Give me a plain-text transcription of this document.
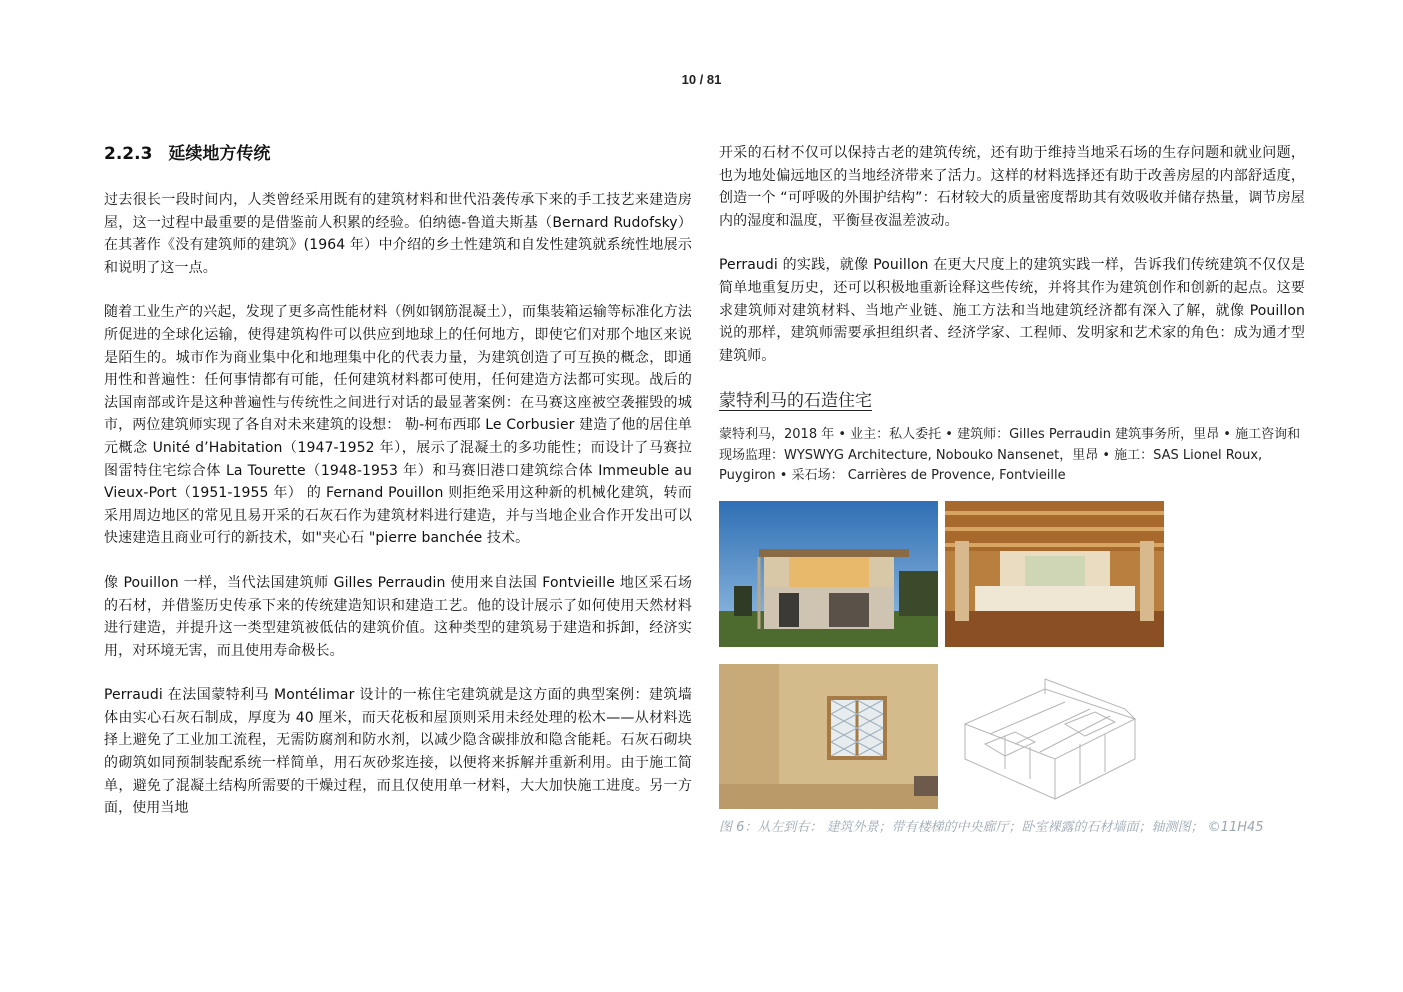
10 / 81
2.2.3 延续地方传统

过去很长一段时间内，人类曾经采用既有的建筑材料和世代沿袭传承下来的手工技艺来建造房屋，这一过程中最重要的是借鉴前人积累的经验。伯纳德-鲁道夫斯基（Bernard Rudofsky）在其著作《没有建筑师的建筑》(1964 年）中介绍的乡土性建筑和自发性建筑就系统性地展示和说明了这一点。

随着工业生产的兴起，发现了更多高性能材料（例如钢筋混凝土），而集装箱运输等标准化方法所促进的全球化运输，使得建筑构件可以供应到地球上的任何地方，即使它们对那个地区来说是陌生的。城市作为商业集中化和地理集中化的代表力量，为建筑创造了可互换的概念，即通用性和普遍性：任何事情都有可能，任何建筑材料都可使用，任何建造方法都可实现。战后的法国南部或许是这种普遍性与传统性之间进行对话的最显著案例：在马赛这座被空袭摧毁的城市，两位建筑师实现了各自对未来建筑的设想： 勒-柯布西耶 Le Corbusier 建造了他的居住单元概念 Unité d’Habitation（1947-1952 年），展示了混凝土的多功能性；而设计了马赛拉图雷特住宅综合体 La Tourette（1948-1953 年）和马赛旧港口建筑综合体 Immeuble au Vieux-Port（1951-1955 年） 的 Fernand Pouillon 则拒绝采用这种新的机械化建筑，转而采用周边地区的常见且易开采的石灰石作为建筑材料进行建造，并与当地企业合作开发出可以快速建造且商业可行的新技术，如"夹心石 "pierre banchée 技术。

像 Pouillon 一样，当代法国建筑师 Gilles Perraudin 使用来自法国 Fontvieille 地区采石场的石材，并借鉴历史传承下来的传统建造知识和建造工艺。他的设计展示了如何使用天然材料进行建造，并提升这一类型建筑被低估的建筑价值。这种类型的建筑易于建造和拆卸，经济实用，对环境无害，而且使用寿命极长。

Perraudi 在法国蒙特利马 Montélimar 设计的一栋住宅建筑就是这方面的典型案例：建筑墙体由实心石灰石制成，厚度为 40 厘米，而天花板和屋顶则采用未经处理的松木——从材料选择上避免了工业加工流程，无需防腐剂和防水剂，以减少隐含碳排放和隐含能耗。石灰石砌块的砌筑如同预制装配系统一样简单，用石灰砂浆连接，以便将来拆解并重新利用。由于施工简单，避免了混凝土结构所需要的干燥过程，而且仅使用单一材料，大大加快施工进度。另一方面，使用当地

开采的石材不仅可以保持古老的建筑传统，还有助于维持当地采石场的生存问题和就业问题，也为地处偏远地区的当地经济带来了活力。这样的材料选择还有助于改善房屋的内部舒适度，创造一个 “可呼吸的外围护结构”：石材较大的质量密度帮助其有效吸收并储存热量，调节房屋内的湿度和温度，平衡昼夜温差波动。

Perraudi 的实践，就像 Pouillon 在更大尺度上的建筑实践一样，告诉我们传统建筑不仅仅是简单地重复历史，还可以积极地重新诠释这些传统，并将其作为建筑创作和创新的起点。这要求建筑师对建筑材料、当地产业链、施工方法和当地建筑经济都有深入了解，就像 Pouillon 说的那样，建筑师需要承担组织者、经济学家、工程师、发明家和艺术家的角色：成为通才型建筑师。

蒙特利马的石造住宅

蒙特利马，2018 年 • 业主：私人委托 • 建筑师：Gilles Perraudin 建筑事务所，里昂 • 施工咨询和现场监理：WYSWYG Architecture, Nobouko Nansenet，里昂 • 施工：SAS Lionel Roux, Puygiron • 采石场： Carrières de Provence, Fontvieille

图 6：从左到右： 建筑外景；带有楼梯的中央廊厅；卧室裸露的石材墙面；轴测图； ©11H45
